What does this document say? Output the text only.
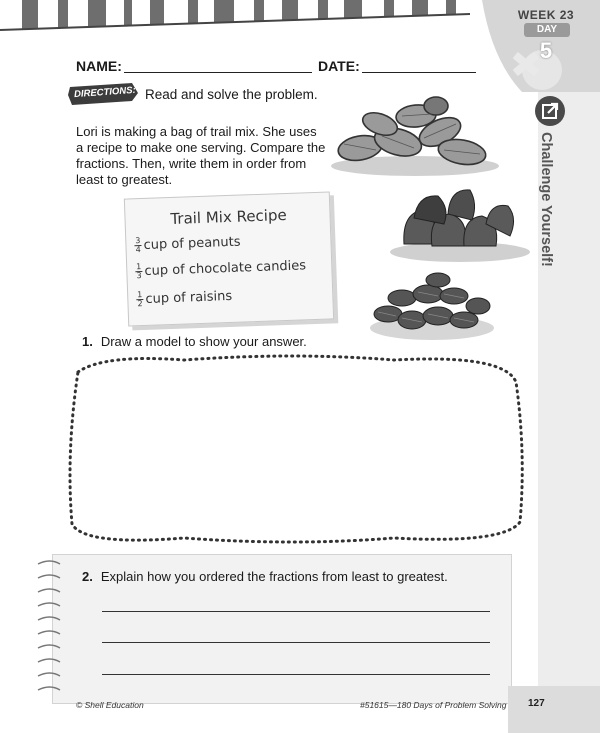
WEEK 23
DAY
5
Challenge Yourself!
NAME:	DATE:
DIRECTIONS: Read and solve the problem.
Lori is making a bag of trail mix. She uses
a recipe to make one serving. Compare the
fractions. Then, write them in order from
least to greatest.
Trail Mix Recipe
$\frac{3}{4}$ cup of peanuts
$\frac{1}{3}$ cup of chocolate candies
$\frac{1}{2}$ cup of raisins
1. Draw a model to show your answer.
2. Explain how you ordered the fractions from least to greatest.
© Shell Education	#51615—180 Days of Problem Solving 127
